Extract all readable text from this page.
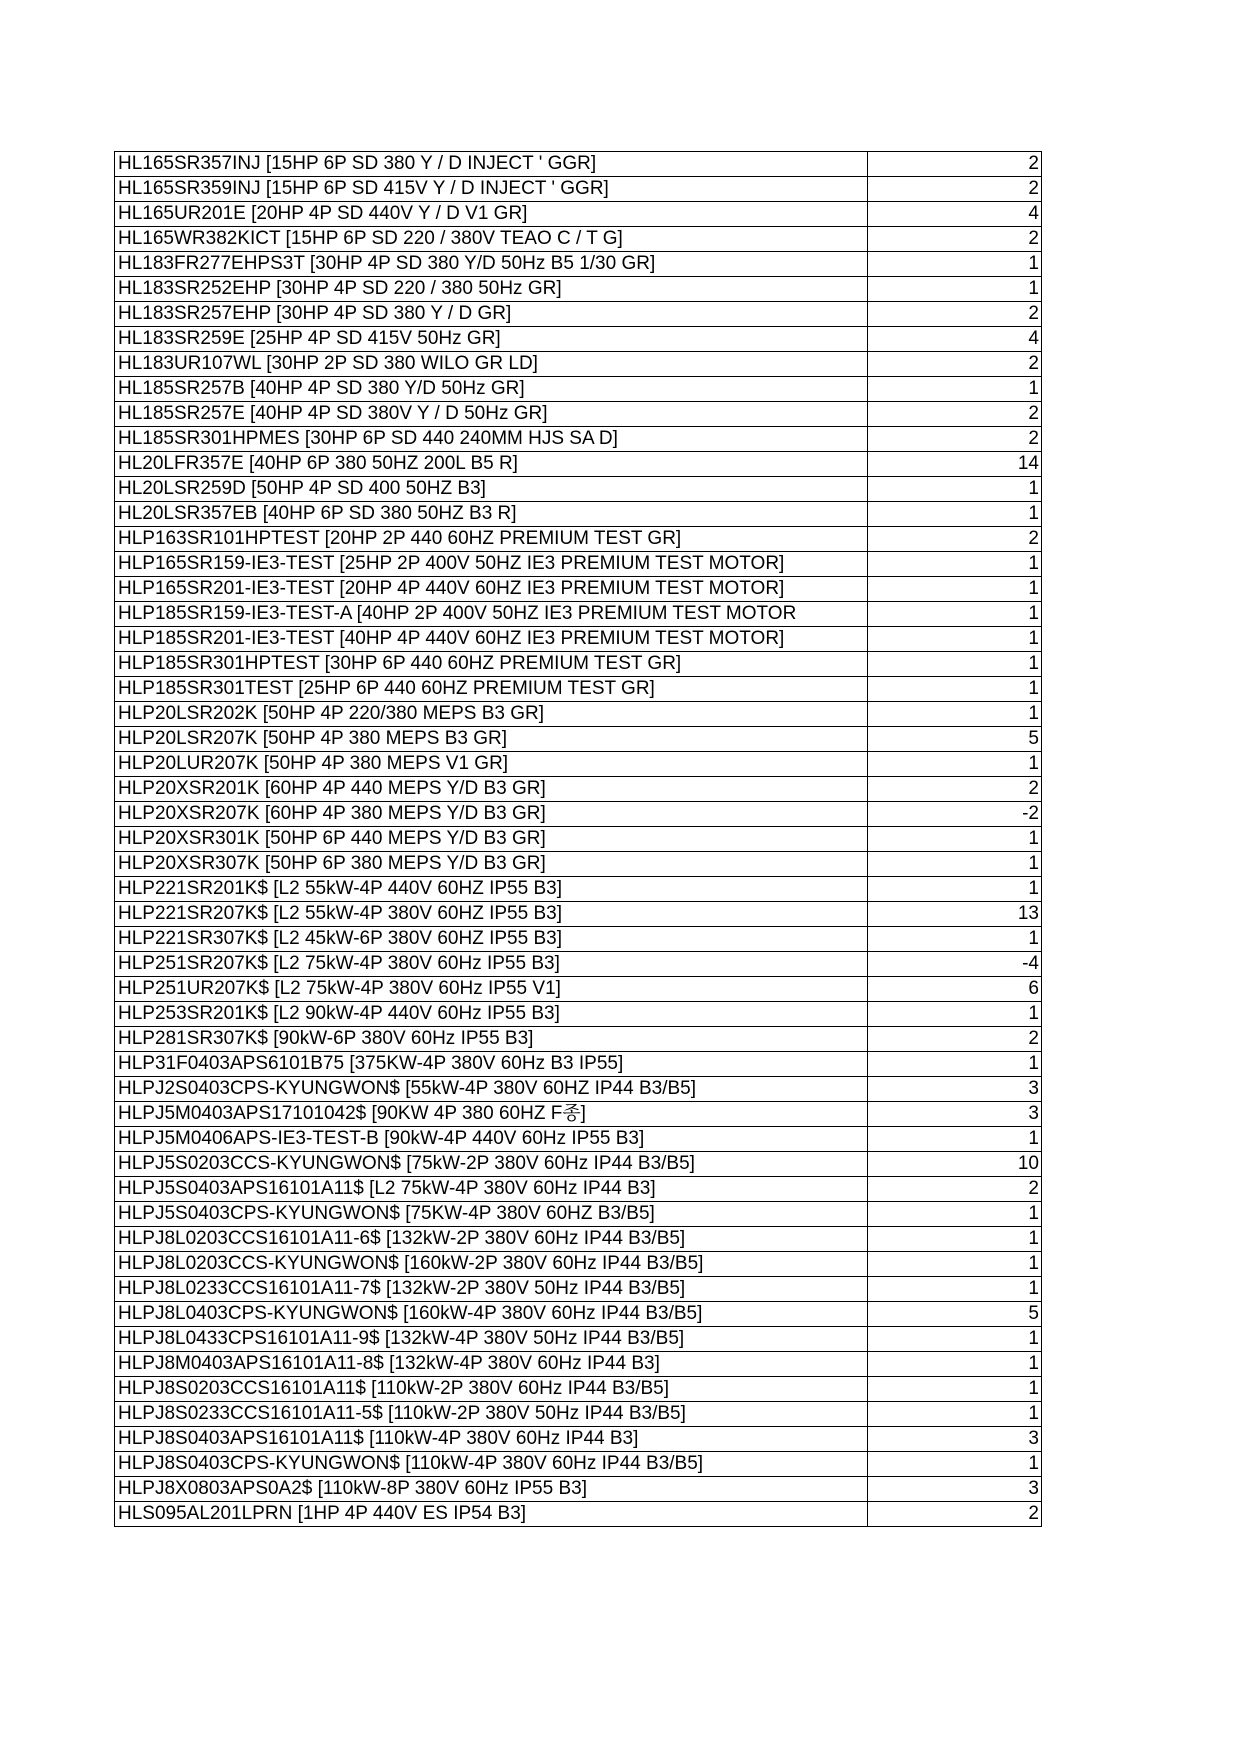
HL165SR357INJ [15HP 6P SD 380 Y / D INJECT ' GGR]	2
HL165SR359INJ [15HP 6P SD 415V Y / D INJECT ' GGR]	2
HL165UR201E [20HP 4P SD 440V Y / D V1 GR]	4
HL165WR382KICT [15HP 6P SD 220 / 380V TEAO C / T G]	2
HL183FR277EHPS3T [30HP 4P SD 380 Y/D 50Hz B5 1/30 GR]	1
HL183SR252EHP [30HP 4P SD 220 / 380 50Hz GR]	1
HL183SR257EHP [30HP 4P SD 380 Y / D GR]	2
HL183SR259E [25HP 4P SD 415V 50Hz GR]	4
HL183UR107WL [30HP 2P SD 380 WILO GR LD]	2
HL185SR257B [40HP 4P SD 380 Y/D 50Hz GR]	1
HL185SR257E [40HP 4P SD 380V Y / D 50Hz GR]	2
HL185SR301HPMES [30HP 6P SD 440 240MM HJS SA D]	2
HL20LFR357E [40HP 6P 380 50HZ 200L B5 R]	14
HL20LSR259D [50HP 4P SD 400 50HZ B3]	1
HL20LSR357EB [40HP 6P SD 380 50HZ B3 R]	1
HLP163SR101HPTEST [20HP 2P 440 60HZ PREMIUM TEST GR]	2
HLP165SR159-IE3-TEST [25HP 2P 400V 50HZ IE3 PREMIUM TEST MOTOR]	1
HLP165SR201-IE3-TEST [20HP 4P 440V 60HZ IE3 PREMIUM TEST MOTOR]	1
HLP185SR159-IE3-TEST-A [40HP 2P 400V 50HZ IE3 PREMIUM TEST MOTOR	1
HLP185SR201-IE3-TEST [40HP 4P 440V 60HZ IE3 PREMIUM TEST MOTOR]	1
HLP185SR301HPTEST [30HP 6P 440 60HZ PREMIUM TEST GR]	1
HLP185SR301TEST [25HP 6P 440 60HZ PREMIUM TEST GR]	1
HLP20LSR202K [50HP 4P 220/380 MEPS B3 GR]	1
HLP20LSR207K [50HP 4P 380 MEPS B3 GR]	5
HLP20LUR207K [50HP 4P 380 MEPS V1 GR]	1
HLP20XSR201K [60HP 4P 440 MEPS Y/D B3 GR]	2
HLP20XSR207K [60HP 4P 380 MEPS Y/D B3 GR]	-2
HLP20XSR301K [50HP 6P 440 MEPS Y/D B3 GR]	1
HLP20XSR307K [50HP 6P 380 MEPS Y/D B3 GR]	1
HLP221SR201K$ [L2 55kW-4P 440V 60HZ IP55 B3]	1
HLP221SR207K$ [L2 55kW-4P 380V 60HZ IP55 B3]	13
HLP221SR307K$ [L2 45kW-6P 380V 60HZ IP55 B3]	1
HLP251SR207K$ [L2 75kW-4P 380V 60Hz IP55 B3]	-4
HLP251UR207K$ [L2 75kW-4P 380V 60Hz IP55 V1]	6
HLP253SR201K$ [L2 90kW-4P 440V 60Hz IP55 B3]	1
HLP281SR307K$ [90kW-6P 380V 60Hz IP55 B3]	2
HLP31F0403APS6101B75 [375KW-4P 380V 60Hz B3 IP55]	1
HLPJ2S0403CPS-KYUNGWON$ [55kW-4P 380V 60HZ IP44 B3/B5]	3
HLPJ5M0403APS17101042$ [90KW 4P 380 60HZ F종]	3
HLPJ5M0406APS-IE3-TEST-B [90kW-4P 440V 60Hz IP55 B3]	1
HLPJ5S0203CCS-KYUNGWON$ [75kW-2P 380V 60Hz IP44 B3/B5]	10
HLPJ5S0403APS16101A11$ [L2 75kW-4P 380V 60Hz IP44 B3]	2
HLPJ5S0403CPS-KYUNGWON$ [75KW-4P 380V 60HZ B3/B5]	1
HLPJ8L0203CCS16101A11-6$ [132kW-2P 380V 60Hz IP44 B3/B5]	1
HLPJ8L0203CCS-KYUNGWON$ [160kW-2P 380V 60Hz IP44 B3/B5]	1
HLPJ8L0233CCS16101A11-7$ [132kW-2P 380V 50Hz IP44 B3/B5]	1
HLPJ8L0403CPS-KYUNGWON$ [160kW-4P 380V 60Hz IP44 B3/B5]	5
HLPJ8L0433CPS16101A11-9$ [132kW-4P 380V 50Hz IP44 B3/B5]	1
HLPJ8M0403APS16101A11-8$ [132kW-4P 380V 60Hz IP44 B3]	1
HLPJ8S0203CCS16101A11$ [110kW-2P 380V 60Hz IP44 B3/B5]	1
HLPJ8S0233CCS16101A11-5$ [110kW-2P 380V 50Hz IP44 B3/B5]	1
HLPJ8S0403APS16101A11$ [110kW-4P 380V 60Hz IP44 B3]	3
HLPJ8S0403CPS-KYUNGWON$ [110kW-4P 380V 60Hz IP44 B3/B5]	1
HLPJ8X0803APS0A2$ [110kW-8P 380V 60Hz IP55 B3]	3
HLS095AL201LPRN [1HP 4P 440V ES IP54 B3]	2
